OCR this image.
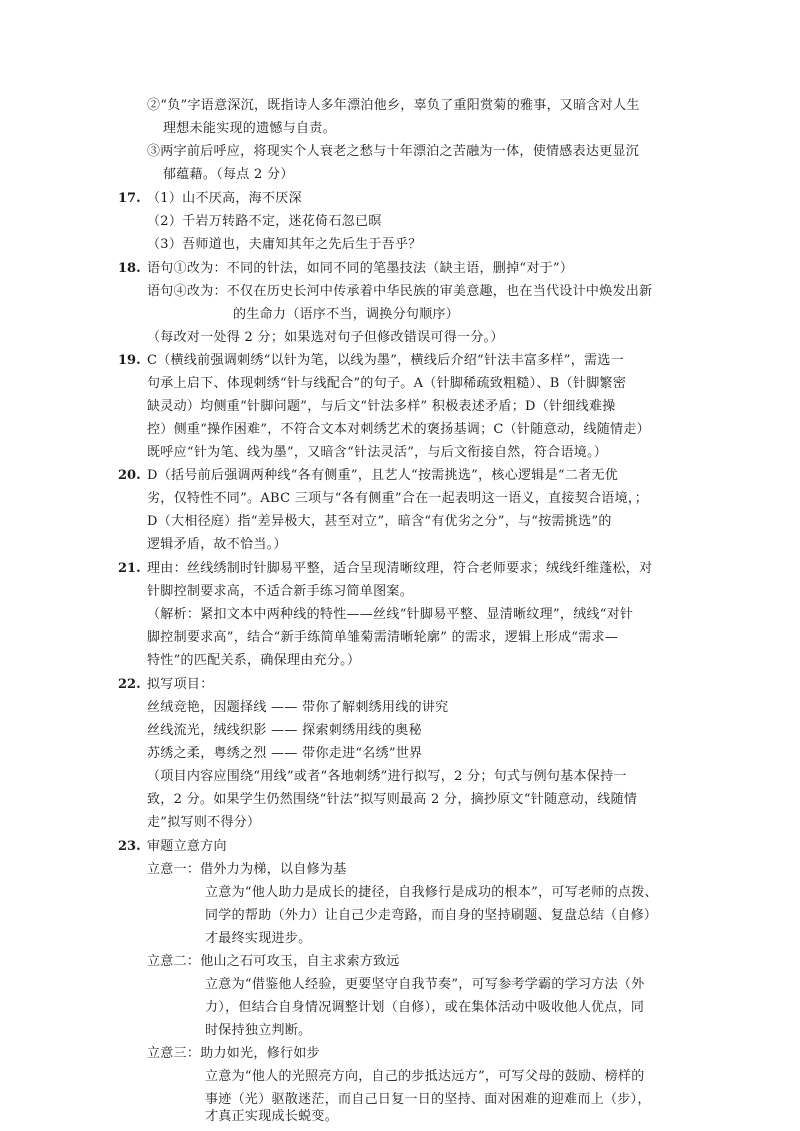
②“负”字语意深沉，既指诗人多年漂泊他乡，辜负了重阳赏菊的雅事，又暗含对人生
理想未能实现的遗憾与自责。
③两字前后呼应，将现实个人衰老之愁与十年漂泊之苦融为一体，使情感表达更显沉
郁蕴藉。（每点 2 分）
17. （1）山不厌高，海不厌深
（2）千岩万转路不定，迷花倚石忽已暝
（3）吾师道也，夫庸知其年之先后生于吾乎？
18. 语句①改为：不同的针法，如同不同的笔墨技法（缺主语，删掉“对于”）
语句④改为：不仅在历史长河中传承着中华民族的审美意趣，也在当代设计中焕发出新
的生命力（语序不当，调换分句顺序）
（每改对一处得 2 分；如果选对句子但修改错误可得一分。）
19. C（横线前强调刺绣“以针为笔，以线为墨”，横线后介绍“针法丰富多样”，需选一
句承上启下、体现刺绣“针与线配合”的句子。A（针脚稀疏致粗糙）、B（针脚繁密
缺灵动）均侧重“针脚问题”，与后文“针法多样” 积极表述矛盾；D（针细线难操
控）侧重“操作困难”，不符合文本对刺绣艺术的褒扬基调；C（针随意动，线随情走）
既呼应“针为笔、线为墨”，又暗含“针法灵活”，与后文衔接自然，符合语境。）
20. D（括号前后强调两种线“各有侧重”，且艺人“按需挑选”，核心逻辑是“二者无优
劣，仅特性不同”。ABC 三项与“各有侧重”合在一起表明这一语义，直接契合语境，；
D（大相径庭）指“差异极大，甚至对立”，暗含“有优劣之分”，与“按需挑选”的
逻辑矛盾，故不恰当。）
21. 理由：丝线绣制时针脚易平整，适合呈现清晰纹理，符合老师要求；绒线纤维蓬松，对
针脚控制要求高，不适合新手练习简单图案。
（解析：紧扣文本中两种线的特性——丝线“针脚易平整、显清晰纹理”，绒线“对针
脚控制要求高”，结合“新手练简单雏菊需清晰轮廓” 的需求，逻辑上形成“需求—
特性”的匹配关系，确保理由充分。）
22. 拟写项目：
丝绒竞艳，因题择线 —— 带你了解刺绣用线的讲究
丝线流光，绒线织影 —— 探索刺绣用线的奥秘
苏绣之柔，粤绣之烈 —— 带你走进“名绣”世界
（项目内容应围绕“用线”或者“各地刺绣”进行拟写，2 分；句式与例句基本保持一
致，2 分。如果学生仍然围绕“针法”拟写则最高 2 分，摘抄原文“针随意动，线随情
走”拟写则不得分）
23. 审题立意方向
立意一：借外力为梯，以自修为基
立意为“他人助力是成长的捷径，自我修行是成功的根本”，可写老师的点拨、
同学的帮助（外力）让自己少走弯路，而自身的坚持刷题、复盘总结（自修）
才最终实现进步。
立意二：他山之石可攻玉，自主求索方致远
立意为“借鉴他人经验，更要坚守自我节奏”，可写参考学霸的学习方法（外
力），但结合自身情况调整计划（自修），或在集体活动中吸收他人优点，同
时保持独立判断。
立意三：助力如光，修行如步
立意为“他人的光照亮方向，自己的步抵达远方”，可写父母的鼓励、榜样的
事迹（光）驱散迷茫，而自己日复一日的坚持、面对困难的迎难而上（步），
才真正实现成长蜕变。
